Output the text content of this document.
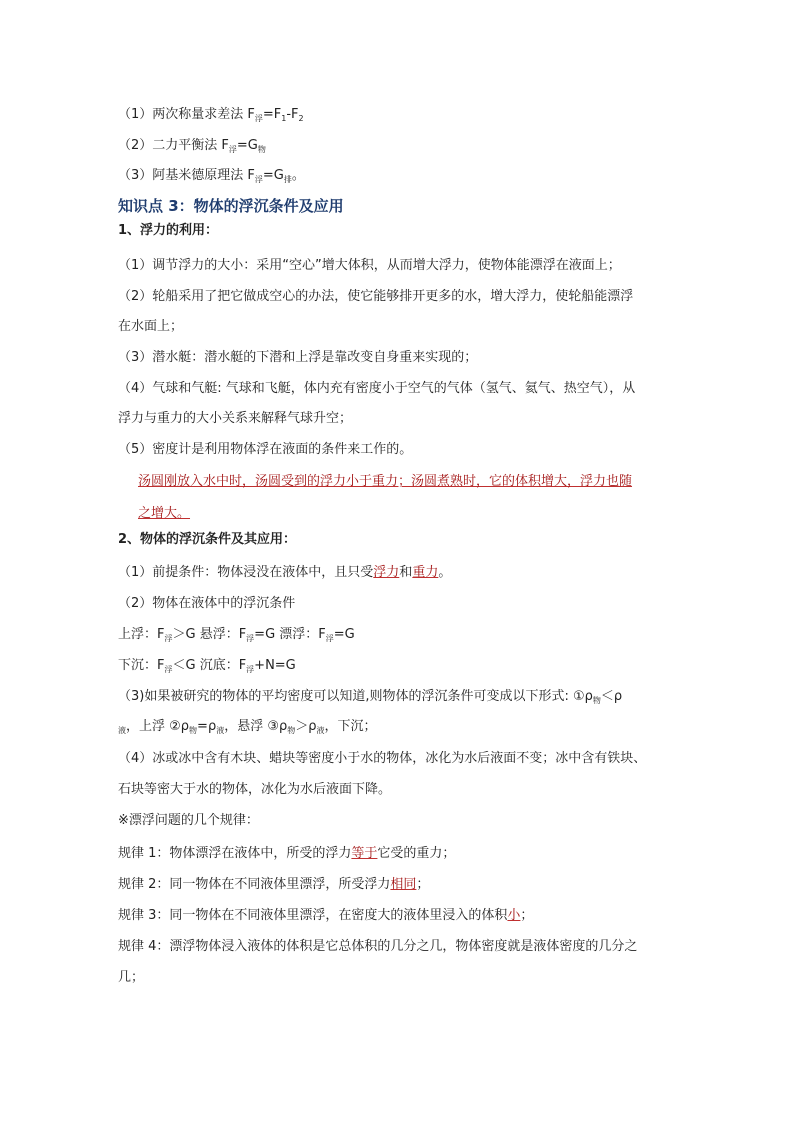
（1）两次称量求差法 $F_浮=F_1-F_2$
（2）二力平衡法 $F_浮=G_物$
（3）阿基米德原理法 $F_浮=G_排$。
知识点 3：物体的浮沉条件及应用
1、浮力的利用：
（1）调节浮力的大小：采用“空心”增大体积，从而增大浮力，使物体能漂浮在液面上；
（2）轮船采用了把它做成空心的办法，使它能够排开更多的水，增大浮力，使轮船能漂浮
在水面上；
（3）潜水艇：潜水艇的下潜和上浮是靠改变自身重来实现的；
（4）气球和气艇: 气球和飞艇，体内充有密度小于空气的气体（氢气、氦气、热空气），从
浮力与重力的大小关系来解释气球升空；
（5）密度计是利用物体浮在液面的条件来工作的。
汤圆刚放入水中时，汤圆受到的浮力小于重力；汤圆煮熟时，它的体积增大，浮力也随
之增大。
2、物体的浮沉条件及其应用：
（1）前提条件：物体浸没在液体中，且只受浮力和重力。
（2）物体在液体中的浮沉条件
上浮：$F_浮>G$ 悬浮：$F_浮=G$ 漂浮：$F_浮=G$
下沉：$F_浮<G$ 沉底：$F_浮+N=G$
（3)如果被研究的物体的平均密度可以知道,则物体的浮沉条件可变成以下形式: $①\rho_物<\rho$
$_液$，上浮 $②\rho_物=\rho_液$，悬浮 $③\rho_物>\rho_液$，下沉；
（4）冰或冰中含有木块、蜡块等密度小于水的物体，冰化为水后液面不变；冰中含有铁块、
石块等密大于水的物体，冰化为水后液面下降。
※漂浮问题的几个规律：
规律 1：物体漂浮在液体中，所受的浮力等于它受的重力；
规律 2：同一物体在不同液体里漂浮，所受浮力相同；
规律 3：同一物体在不同液体里漂浮，在密度大的液体里浸入的体积小；
规律 4：漂浮物体浸入液体的体积是它总体积的几分之几，物体密度就是液体密度的几分之
几；
